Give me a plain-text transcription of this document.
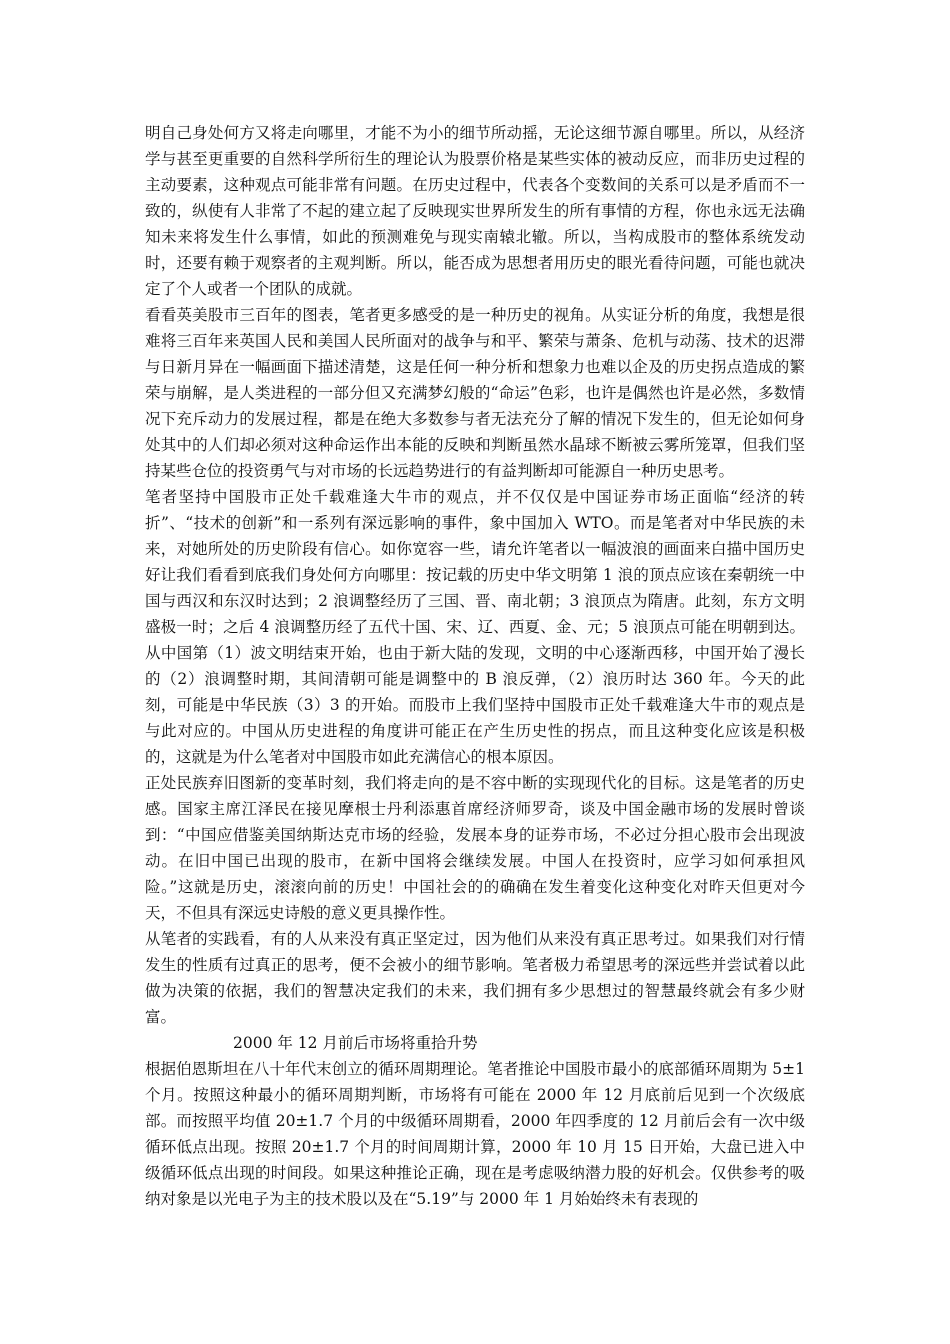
明自己身处何方又将走向哪里，才能不为小的细节所动摇，无论这细节源自哪里。所以，从经济学与甚至更重要的自然科学所衍生的理论认为股票价格是某些实体的被动反应，而非历史过程的主动要素，这种观点可能非常有问题。在历史过程中，代表各个变数间的关系可以是矛盾而不一致的，纵使有人非常了不起的建立起了反映现实世界所发生的所有事情的方程，你也永远无法确知未来将发生什么事情，如此的预测难免与现实南辕北辙。所以，当构成股市的整体系统发动时，还要有赖于观察者的主观判断。所以，能否成为思想者用历史的眼光看待问题，可能也就决定了个人或者一个团队的成就。

看看英美股市三百年的图表，笔者更多感受的是一种历史的视角。从实证分析的角度，我想是很难将三百年来英国人民和美国人民所面对的战争与和平、繁荣与萧条、危机与动荡、技术的迟滞与日新月异在一幅画面下描述清楚，这是任何一种分析和想象力也难以企及的历史拐点造成的繁荣与崩解，是人类进程的一部分但又充满梦幻般的“命运”色彩，也许是偶然也许是必然，多数情况下充斥动力的发展过程，都是在绝大多数参与者无法充分了解的情况下发生的，但无论如何身处其中的人们却必须对这种命运作出本能的反映和判断虽然水晶球不断被云雾所笼罩，但我们坚持某些仓位的投资勇气与对市场的长远趋势进行的有益判断却可能源自一种历史思考。

笔者坚持中国股市正处千载难逢大牛市的观点，并不仅仅是中国证券市场正面临“经济的转折”、“技术的创新”和一系列有深远影响的事件，象中国加入 WTO。而是笔者对中华民族的未来，对她所处的历史阶段有信心。如你宽容一些，请允许笔者以一幅波浪的画面来白描中国历史好让我们看看到底我们身处何方向哪里：按记载的历史中华文明第 1 浪的顶点应该在秦朝统一中国与西汉和东汉时达到；2 浪调整经历了三国、晋、南北朝；3 浪顶点为隋唐。此刻，东方文明盛极一时；之后 4 浪调整历经了五代十国、宋、辽、西夏、金、元；5 浪顶点可能在明朝到达。从中国第（1）波文明结束开始，也由于新大陆的发现，文明的中心逐渐西移，中国开始了漫长的（2）浪调整时期，其间清朝可能是调整中的 B 浪反弹，（2）浪历时达 360 年。今天的此刻，可能是中华民族（3）3 的开始。而股市上我们坚持中国股市正处千载难逢大牛市的观点是与此对应的。中国从历史进程的角度讲可能正在产生历史性的拐点，而且这种变化应该是积极的，这就是为什么笔者对中国股市如此充满信心的根本原因。

正处民族弃旧图新的变革时刻，我们将走向的是不容中断的实现现代化的目标。这是笔者的历史感。国家主席江泽民在接见摩根士丹利添惠首席经济师罗奇，谈及中国金融市场的发展时曾谈到：“中国应借鉴美国纳斯达克市场的经验，发展本身的证券市场，不必过分担心股市会出现波动。在旧中国已出现的股市，在新中国将会继续发展。中国人在投资时，应学习如何承担风险。”这就是历史，滚滚向前的历史！中国社会的的确确在发生着变化这种变化对昨天但更对今天，不但具有深远史诗般的意义更具操作性。

从笔者的实践看，有的人从来没有真正坚定过，因为他们从来没有真正思考过。如果我们对行情发生的性质有过真正的思考，便不会被小的细节影响。笔者极力希望思考的深远些并尝试着以此做为决策的依据，我们的智慧决定我们的未来，我们拥有多少思想过的智慧最终就会有多少财富。

2000 年 12 月前后市场将重拾升势

根据伯恩斯坦在八十年代末创立的循环周期理论。笔者推论中国股市最小的底部循环周期为 5±1 个月。按照这种最小的循环周期判断，市场将有可能在 2000 年 12 月底前后见到一个次级底部。而按照平均值 20±1.7 个月的中级循环周期看，2000 年四季度的 12 月前后会有一次中级循环低点出现。按照 20±1.7 个月的时间周期计算，2000 年 10 月 15 日开始，大盘已进入中级循环低点出现的时间段。如果这种推论正确，现在是考虑吸纳潜力股的好机会。仅供参考的吸纳对象是以光电子为主的技术股以及在“5.19”与 2000 年 1 月始始终未有表现的
